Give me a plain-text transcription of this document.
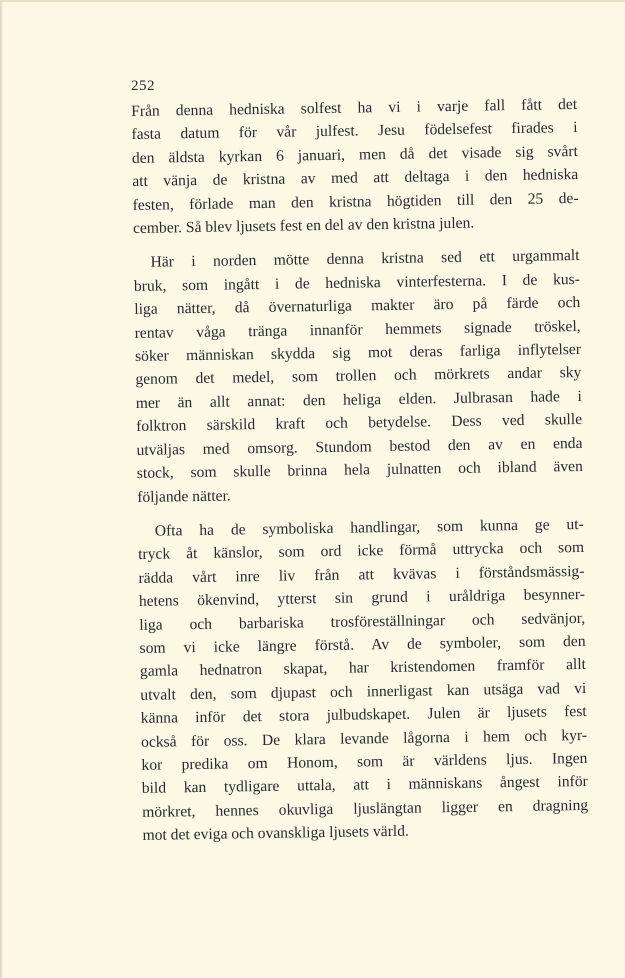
252

Från denna hedniska solfest ha vi i varje fall fått det
fasta datum för vår julfest. Jesu födelsefest firades i
den äldsta kyrkan 6 januari, men då det visade sig svårt
att vänja de kristna av med att deltaga i den hedniska
festen, förlade man den kristna högtiden till den 25 de-
cember. Så blev ljusets fest en del av den kristna julen.

Här i norden mötte denna kristna sed ett urgammalt
bruk, som ingått i de hedniska vinterfesterna. I de kus-
liga nätter, då övernaturliga makter äro på färde och
rentav våga tränga innanför hemmets signade tröskel,
söker människan skydda sig mot deras farliga inflytelser
genom det medel, som trollen och mörkrets andar sky
mer än allt annat: den heliga elden. Julbrasan hade i
folktron särskild kraft och betydelse. Dess ved skulle
utväljas med omsorg. Stundom bestod den av en enda
stock, som skulle brinna hela julnatten och ibland även
följande nätter.

Ofta ha de symboliska handlingar, som kunna ge ut-
tryck åt känslor, som ord icke förmå uttrycka och som
rädda vårt inre liv från att kvävas i förståndsmässig-
hetens ökenvind, ytterst sin grund i uråldriga besynner-
liga och barbariska trosföreställningar och sedvänjor,
som vi icke längre förstå. Av de symboler, som den
gamla hednatron skapat, har kristendomen framför allt
utvalt den, som djupast och innerligast kan utsäga vad vi
känna inför det stora julbudskapet. Julen är ljusets fest
också för oss. De klara levande lågorna i hem och kyr-
kor predika om Honom, som är världens ljus. Ingen
bild kan tydligare uttala, att i människans ångest inför
mörkret, hennes okuvliga ljuslängtan ligger en dragning
mot det eviga och ovanskliga ljusets värld.
